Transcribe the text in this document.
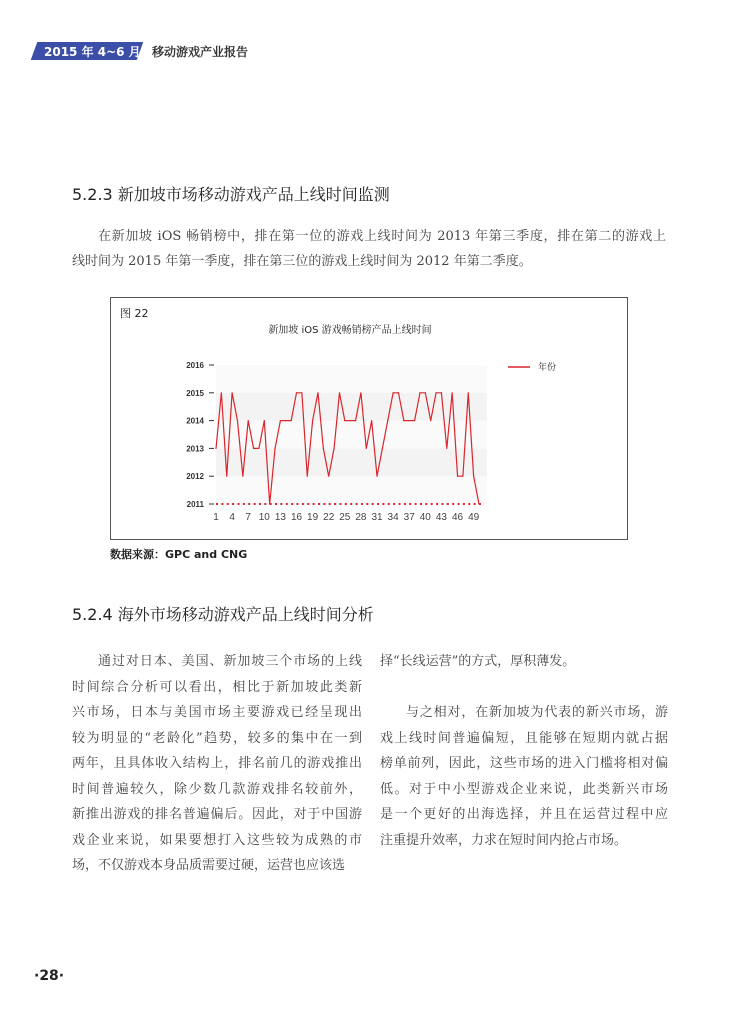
2015 年 4~6 月 移动游戏产业报告
5.2.3 新加坡市场移动游戏产品上线时间监测
在新加坡 iOS 畅销榜中，排在第一位的游戏上线时间为 2013 年第三季度，排在第二的游戏上
线时间为 2015 年第一季度，排在第三位的游戏上线时间为 2012 年第二季度。
图 22
新加坡 iOS 游戏畅销榜产品上线时间
2016
2015
2014
2013
2012
2011
1 4 7 10 13 16 19 22 25 28 31 34 37 40 43 46 49
年份
数据来源：GPC and CNG
5.2.4 海外市场移动游戏产品上线时间分析
通过对日本、美国、新加坡三个市场的上线
时间综合分析可以看出，相比于新加坡此类新
兴市场，日本与美国市场主要游戏已经呈现出
较为明显的“老龄化”趋势，较多的集中在一到
两年，且具体收入结构上，排名前几的游戏推出
时间普遍较久，除少数几款游戏排名较前外，
新推出游戏的排名普遍偏后。因此，对于中国游
戏企业来说，如果要想打入这些较为成熟的市
场，不仅游戏本身品质需要过硬，运营也应该选
择“长线运营”的方式，厚积薄发。
与之相对，在新加坡为代表的新兴市场，游
戏上线时间普遍偏短，且能够在短期内就占据
榜单前列，因此，这些市场的进入门槛将相对偏
低。对于中小型游戏企业来说，此类新兴市场
是一个更好的出海选择，并且在运营过程中应
注重提升效率，力求在短时间内抢占市场。
·28·
